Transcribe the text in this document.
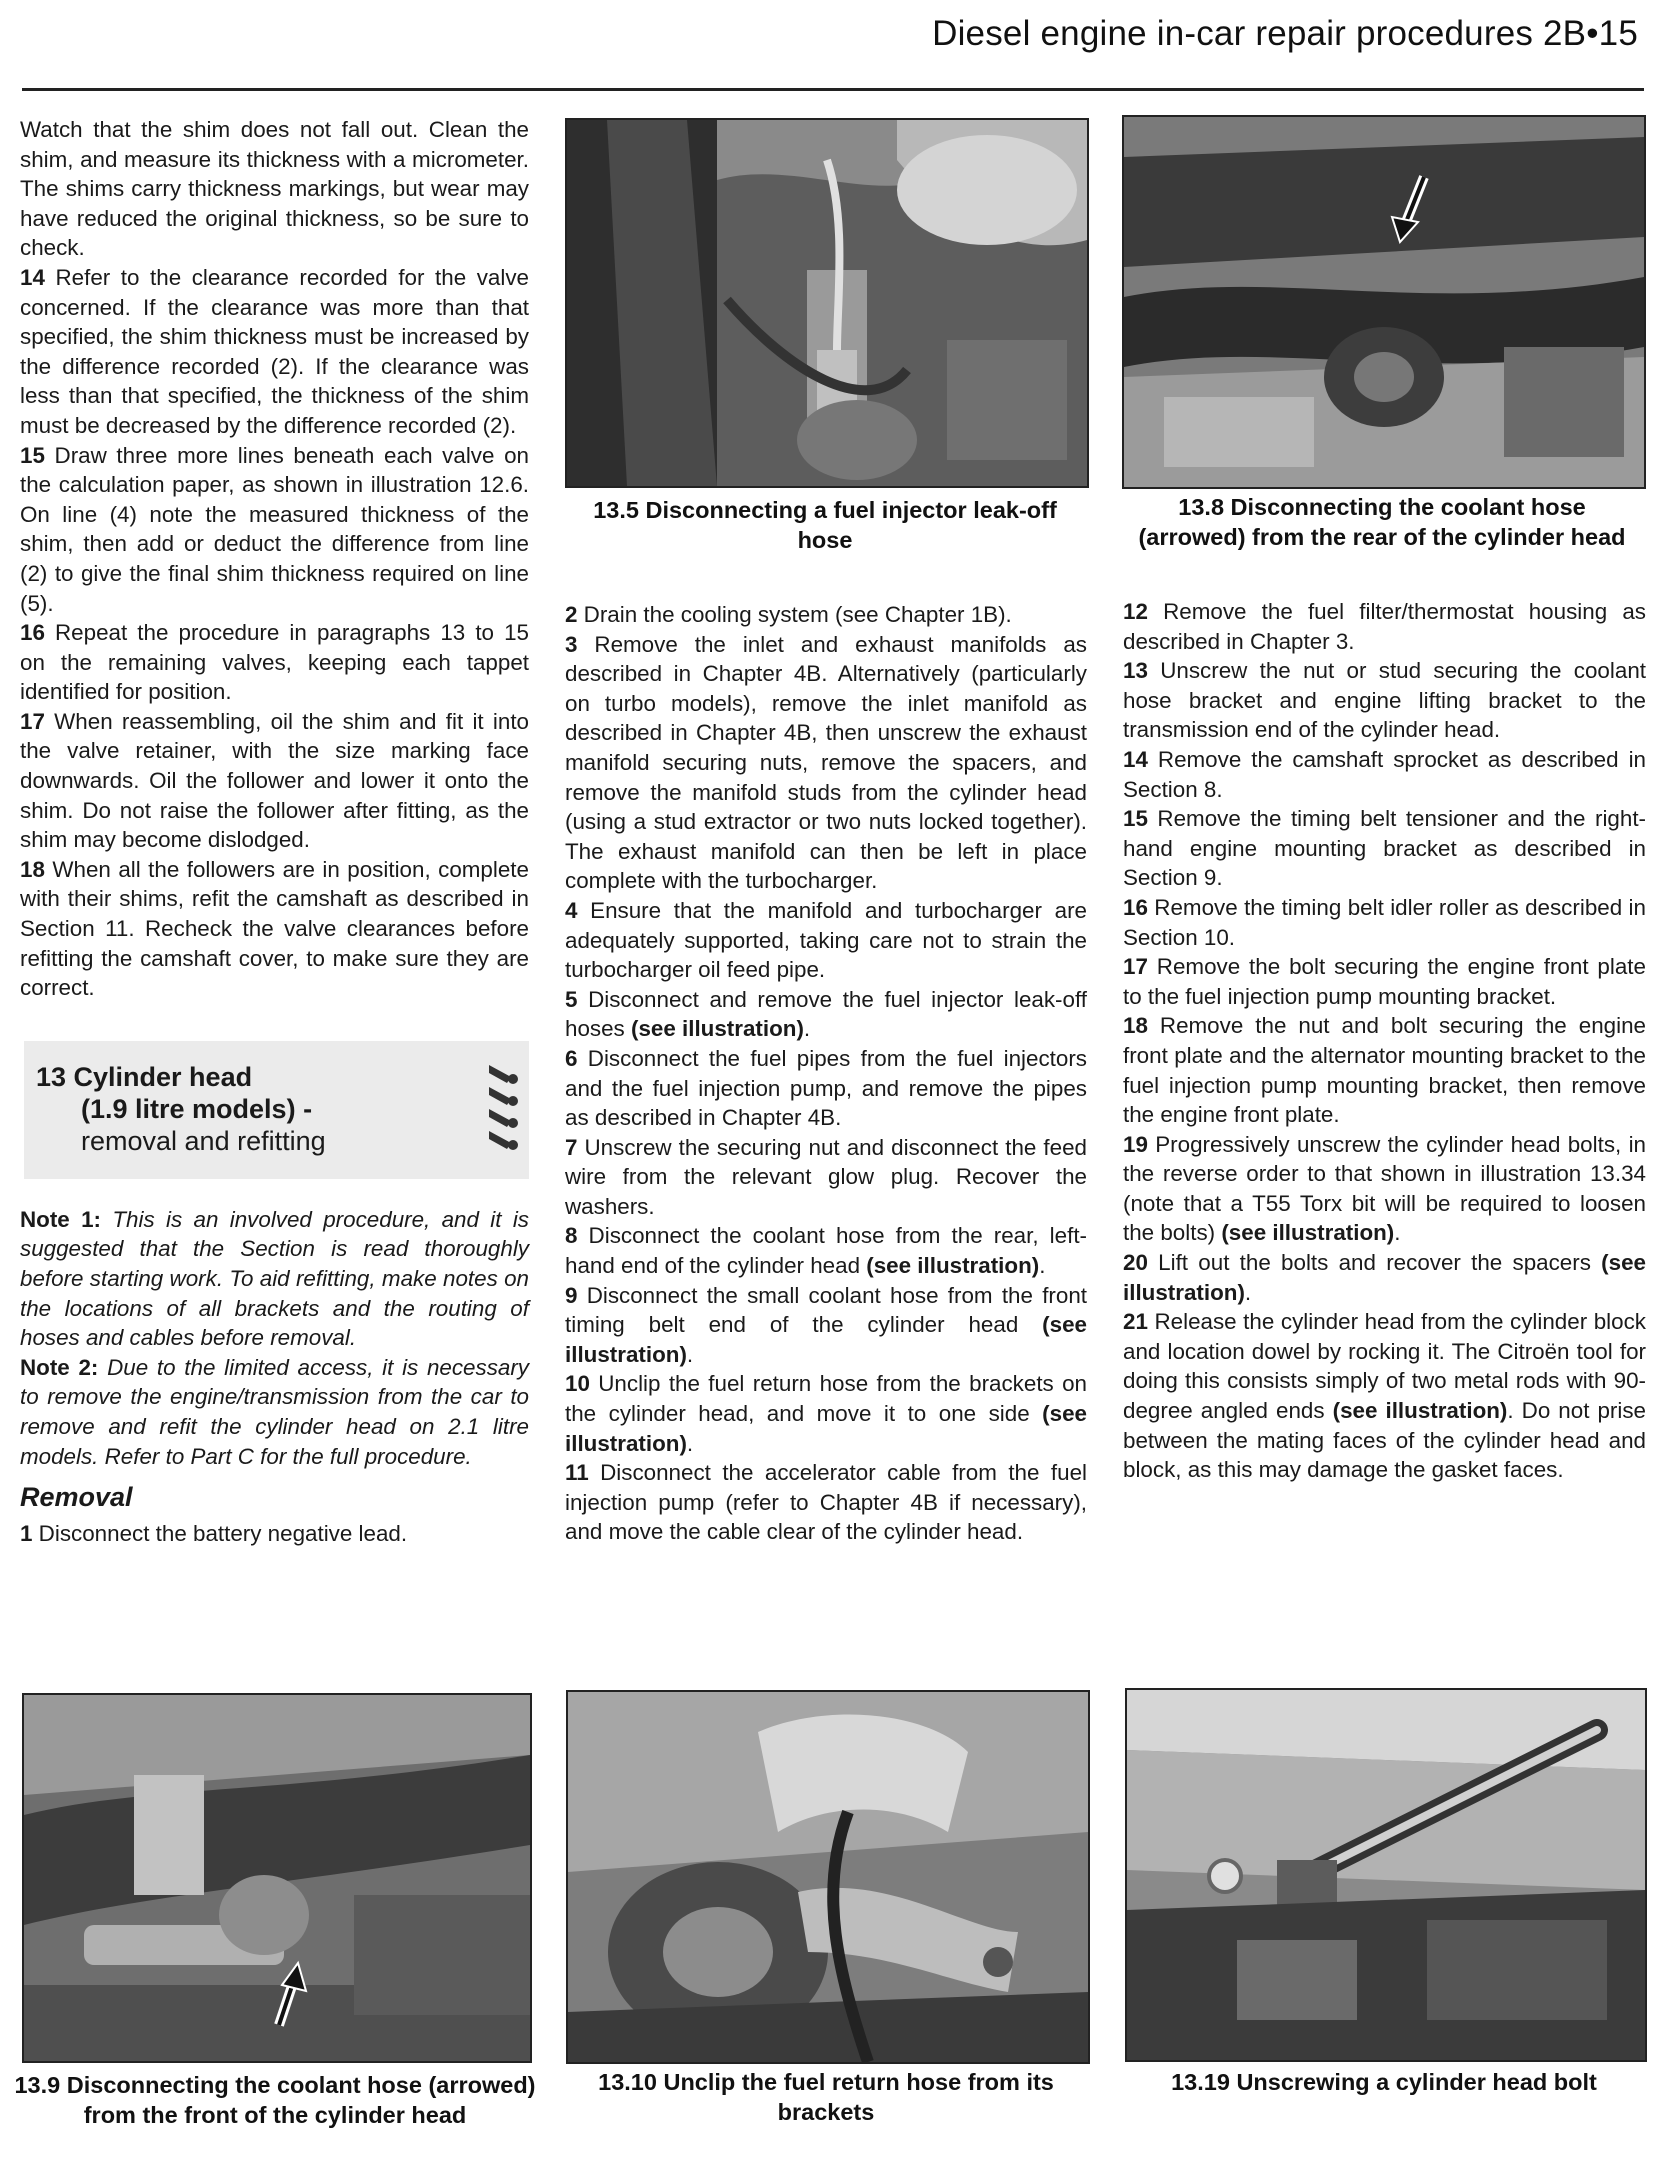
Diesel engine in-car repair procedures 2B•15

Watch that the shim does not fall out. Clean the shim, and measure its thickness with a micrometer. The shims carry thickness markings, but wear may have reduced the original thickness, so be sure to check.

14 Refer to the clearance recorded for the valve concerned. If the clearance was more than that specified, the shim thickness must be increased by the difference recorded (2). If the clearance was less than that specified, the thickness of the shim must be decreased by the difference recorded (2).

15 Draw three more lines beneath each valve on the calculation paper, as shown in illustration 12.6. On line (4) note the measured thickness of the shim, then add or deduct the difference from line (2) to give the final shim thickness required on line (5).

16 Repeat the procedure in paragraphs 13 to 15 on the remaining valves, keeping each tappet identified for position.

17 When reassembling, oil the shim and fit it into the valve retainer, with the size marking face downwards. Oil the follower and lower it onto the shim. Do not raise the follower after fitting, as the shim may become dislodged.

18 When all the followers are in position, complete with their shims, refit the camshaft as described in Section 11. Recheck the valve clearances before refitting the camshaft cover, to make sure they are correct.

13 Cylinder head
(1.9 litre models) -
removal and refitting

Note 1: This is an involved procedure, and it is suggested that the Section is read thoroughly before starting work. To aid refitting, make notes on the locations of all brackets and the routing of hoses and cables before removal.

Note 2: Due to the limited access, it is necessary to remove the engine/transmission from the car to remove and refit the cylinder head on 2.1 litre models. Refer to Part C for the full procedure.

Removal

1 Disconnect the battery negative lead.

13.5 Disconnecting a fuel injector leak-off hose
13.8 Disconnecting the coolant hose (arrowed) from the rear of the cylinder head

2 Drain the cooling system (see Chapter 1B).

3 Remove the inlet and exhaust manifolds as described in Chapter 4B. Alternatively (particularly on turbo models), remove the inlet manifold as described in Chapter 4B, then unscrew the exhaust manifold securing nuts, remove the spacers, and remove the manifold studs from the cylinder head (using a stud extractor or two nuts locked together). The exhaust manifold can then be left in place complete with the turbocharger.

4 Ensure that the manifold and turbocharger are adequately supported, taking care not to strain the turbocharger oil feed pipe.

5 Disconnect and remove the fuel injector leak-off hoses (see illustration).

6 Disconnect the fuel pipes from the fuel injectors and the fuel injection pump, and remove the pipes as described in Chapter 4B.

7 Unscrew the securing nut and disconnect the feed wire from the relevant glow plug. Recover the washers.

8 Disconnect the coolant hose from the rear, left-hand end of the cylinder head (see illustration).

9 Disconnect the small coolant hose from the front timing belt end of the cylinder head (see illustration).

10 Unclip the fuel return hose from the brackets on the cylinder head, and move it to one side (see illustration).

11 Disconnect the accelerator cable from the fuel injection pump (refer to Chapter 4B if necessary), and move the cable clear of the cylinder head.

12 Remove the fuel filter/thermostat housing as described in Chapter 3.

13 Unscrew the nut or stud securing the coolant hose bracket and engine lifting bracket to the transmission end of the cylinder head.

14 Remove the camshaft sprocket as described in Section 8.

15 Remove the timing belt tensioner and the right-hand engine mounting bracket as described in Section 9.

16 Remove the timing belt idler roller as described in Section 10.

17 Remove the bolt securing the engine front plate to the fuel injection pump mounting bracket.

18 Remove the nut and bolt securing the engine front plate and the alternator mounting bracket to the fuel injection pump mounting bracket, then remove the engine front plate.

19 Progressively unscrew the cylinder head bolts, in the reverse order to that shown in illustration 13.34 (note that a T55 Torx bit will be required to loosen the bolts) (see illustration).

20 Lift out the bolts and recover the spacers (see illustration).

21 Release the cylinder head from the cylinder block and location dowel by rocking it. The Citroën tool for doing this consists simply of two metal rods with 90-degree angled ends (see illustration). Do not prise between the mating faces of the cylinder head and block, as this may damage the gasket faces.

13.9 Disconnecting the coolant hose (arrowed) from the front of the cylinder head
13.10 Unclip the fuel return hose from its brackets
13.19 Unscrewing a cylinder head bolt
